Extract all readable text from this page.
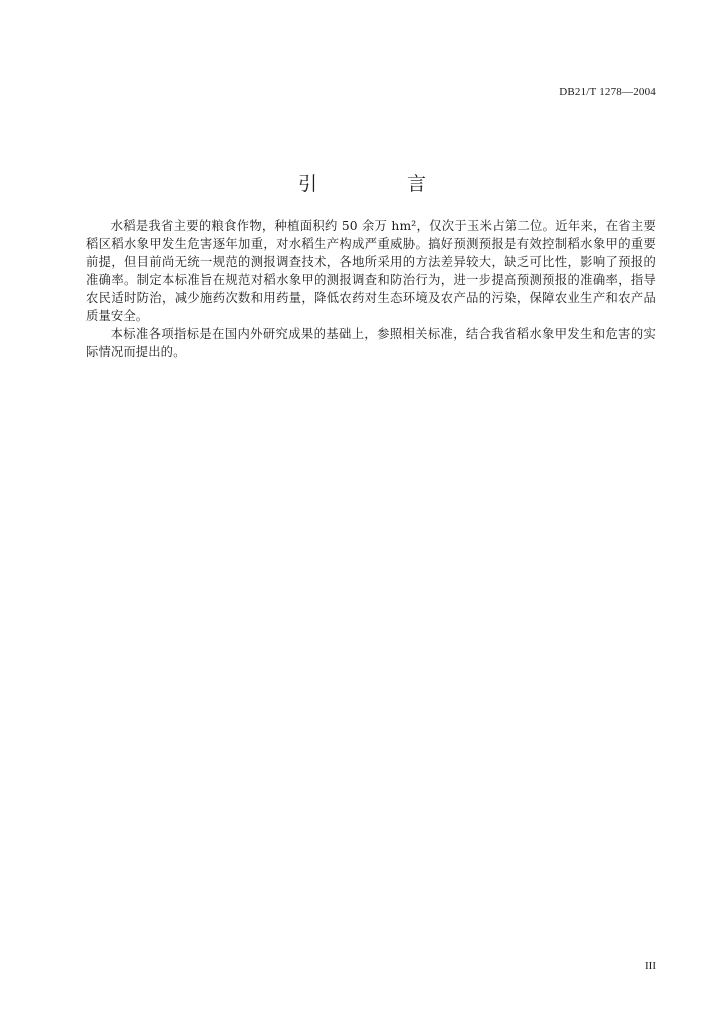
DB21/T 1278—2004
引 言

水稻是我省主要的粮食作物，种植面积约 50 余万 hm²，仅次于玉米占第二位。近年来，在省主要稻区稻水象甲发生危害逐年加重，对水稻生产构成严重威胁。搞好预测预报是有效控制稻水象甲的重要前提，但目前尚无统一规范的测报调查技术，各地所采用的方法差异较大，缺乏可比性，影响了预报的准确率。制定本标准旨在规范对稻水象甲的测报调查和防治行为，进一步提高预测预报的准确率，指导农民适时防治，减少施药次数和用药量，降低农药对生态环境及农产品的污染，保障农业生产和农产品质量安全。

本标准各项指标是在国内外研究成果的基础上，参照相关标准，结合我省稻水象甲发生和危害的实际情况而提出的。

III
